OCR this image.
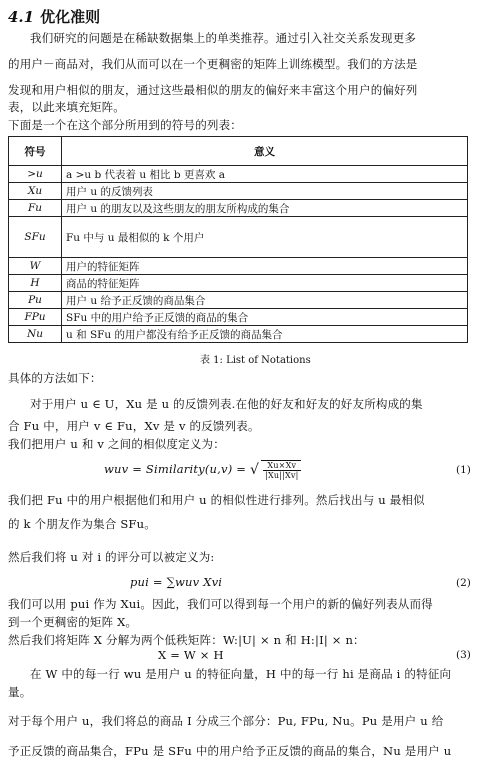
4.1 优化准则
我们研究的问题是在稀缺数据集上的单类推荐。通过引入社交关系发现更多
的用户－商品对，我们从而可以在一个更稠密的矩阵上训练模型。我们的方法是
发现和用户相似的朋友，通过这些最相似的朋友的偏好来丰富这个用户的偏好列
表，以此来填充矩阵。
下面是一个在这个部分所用到的符号的列表：
符号	意义
>u	a >u b 代表着 u 相比 b 更喜欢 a
Xu	用户 u 的反馈列表
Fu	用户 u 的朋友以及这些朋友的朋友所构成的集合
SFu	Fu 中与 u 最相似的 k 个用户
W	用户的特征矩阵
H	商品的特征矩阵
Pu	用户 u 给予正反馈的商品集合
FPu	SFu 中的用户给予正反馈的商品的集合
Nu	u 和 SFu 的用户都没有给予正反馈的商品集合
表 1: List of Notations
具体的方法如下：
对于用户 u ∈ U，Xu 是 u 的反馈列表.在他的好友和好友的好友所构成的集
合 Fu 中，用户 v ∈ Fu，Xv 是 v 的反馈列表。
我们把用户 u 和 v 之间的相似度定义为：
wuv = Similarity(u,v) = √ $\frac{Xu\times Xv}{|Xu||Xv|}$	(1)
我们把 Fu 中的用户根据他们和用户 u 的相似性进行排列。然后找出与 u 最相似
的 k 个朋友作为集合 SFu。
然后我们将 u 对 i 的评分可以被定义为:
pui = ∑wuv Xvi	(2)
我们可以用 pui 作为 Xui。因此，我们可以得到每一个用户的新的偏好列表从而得
到一个更稠密的矩阵 X。
然后我们将矩阵 X 分解为两个低秩矩阵：W:|U| × n 和 H:|I| × n：
X = W × H	(3)
在 W 中的每一行 wu 是用户 u 的特征向量，H 中的每一行 hi 是商品 i 的特征向
量。
对于每个用户 u，我们将总的商品 I 分成三个部分：Pu, FPu, Nu。Pu 是用户 u 给
予正反馈的商品集合，FPu 是 SFu 中的用户给予正反馈的商品的集合，Nu 是用户 u
